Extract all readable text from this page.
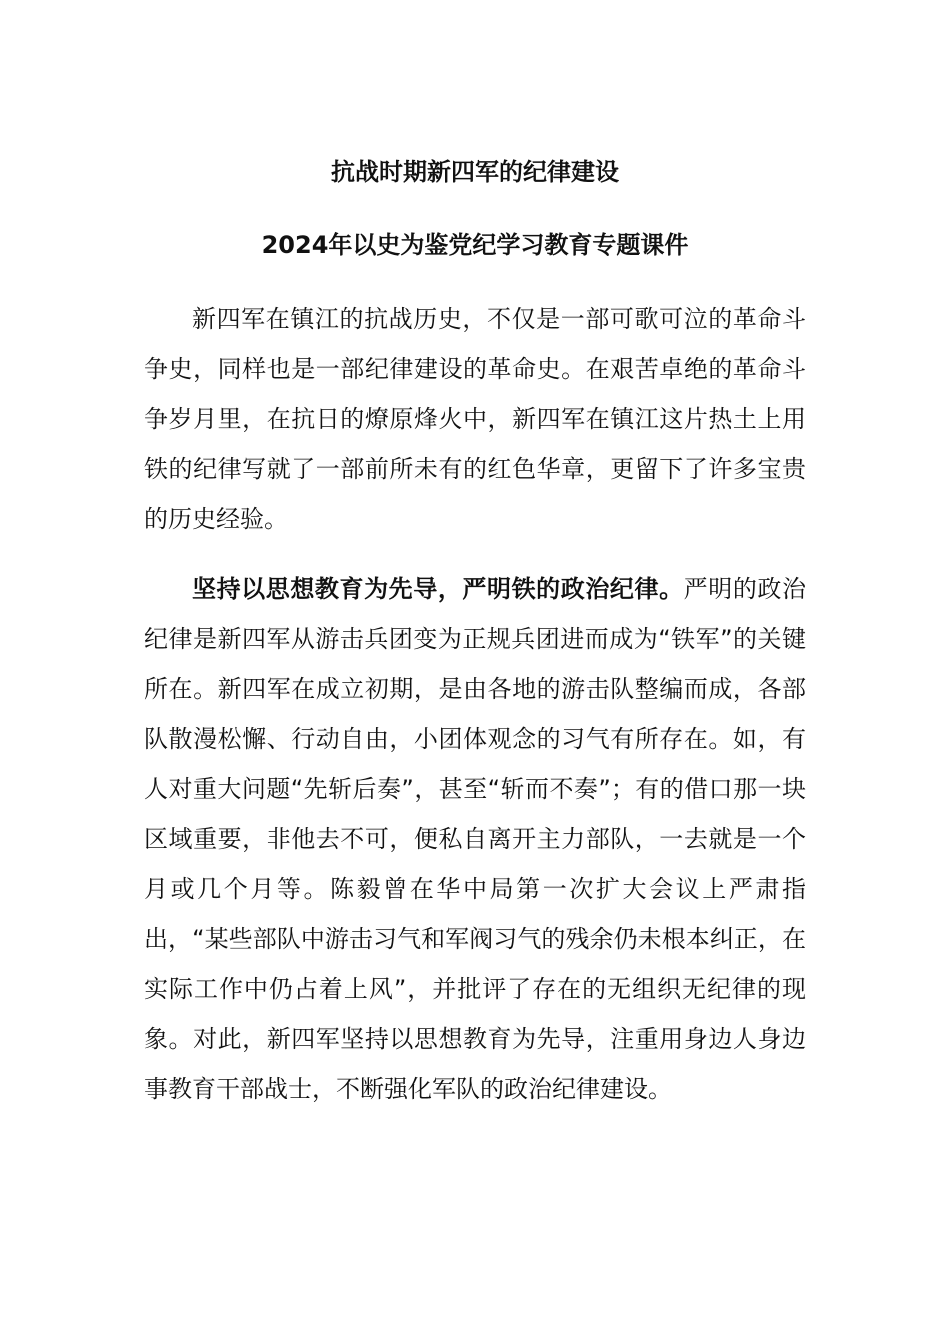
抗战时期新四军的纪律建设
2024年以史为鉴党纪学习教育专题课件

新四军在镇江的抗战历史，不仅是一部可歌可泣的革命斗争史，同样也是一部纪律建设的革命史。在艰苦卓绝的革命斗争岁月里，在抗日的燎原烽火中，新四军在镇江这片热土上用铁的纪律写就了一部前所未有的红色华章，更留下了许多宝贵的历史经验。

坚持以思想教育为先导，严明铁的政治纪律。严明的政治纪律是新四军从游击兵团变为正规兵团进而成为“铁军”的关键所在。新四军在成立初期，是由各地的游击队整编而成，各部队散漫松懈、行动自由，小团体观念的习气有所存在。如，有人对重大问题“先斩后奏”，甚至“斩而不奏”；有的借口那一块区域重要，非他去不可，便私自离开主力部队，一去就是一个月或几个月等。陈毅曾在华中局第一次扩大会议上严肃指出，“某些部队中游击习气和军阀习气的残余仍未根本纠正，在实际工作中仍占着上风”，并批评了存在的无组织无纪律的现象。对此，新四军坚持以思想教育为先导，注重用身边人身边事教育干部战士，不断强化军队的政治纪律建设。
